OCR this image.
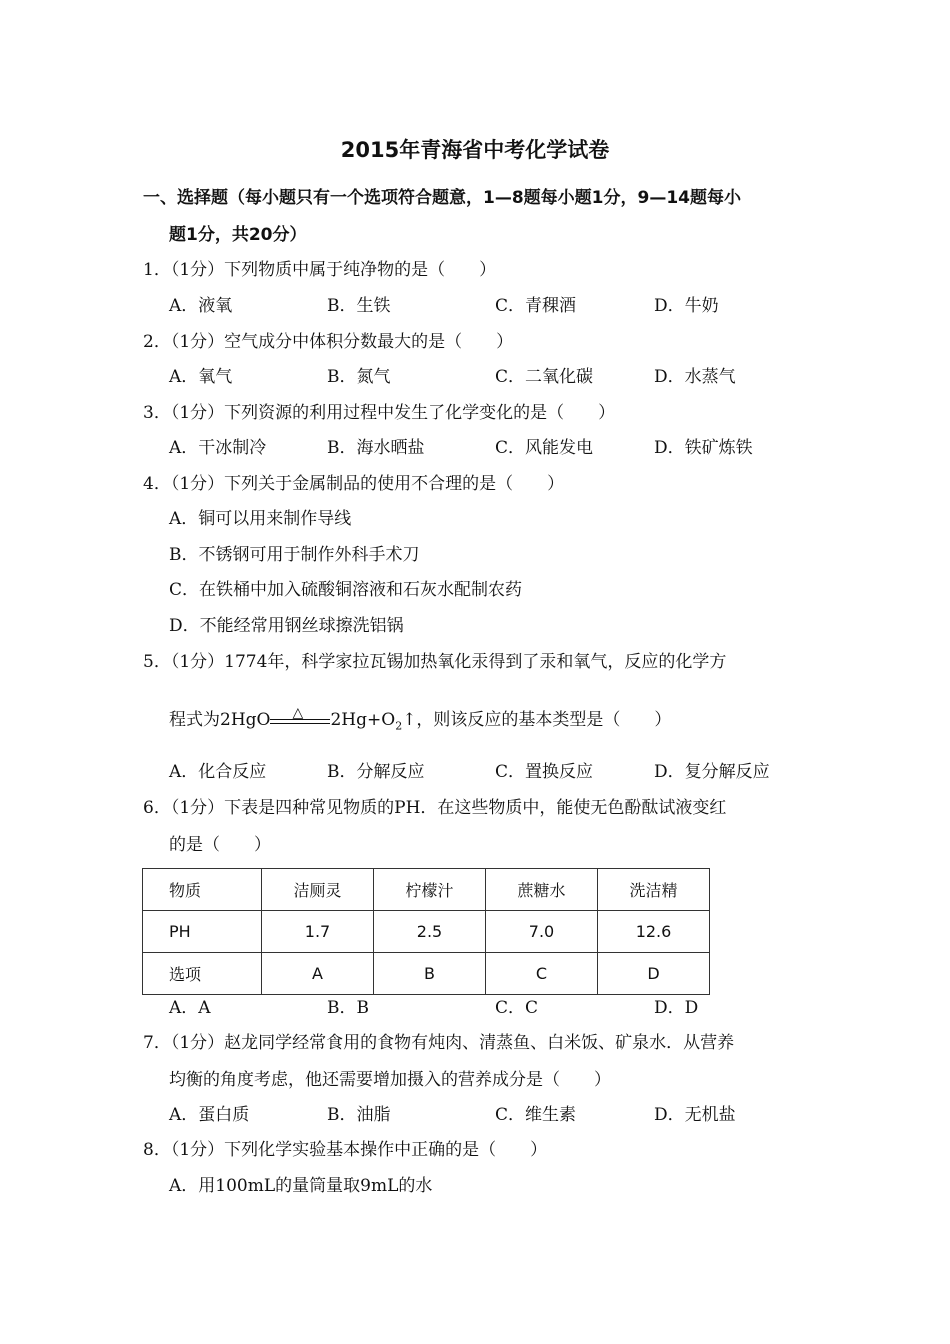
2015年青海省中考化学试卷
一、选择题（每小题只有一个选项符合题意，1—8题每小题1分，9—14题每小
题1分，共20分）
1．（1分）下列物质中属于纯净物的是（　　）
A．液氧	B．生铁	C．青稞酒	D．牛奶
2．（1分）空气成分中体积分数最大的是（　　）
A．氧气	B．氮气	C．二氧化碳	D．水蒸气
3．（1分）下列资源的利用过程中发生了化学变化的是（　　）
A．干冰制冷	B．海水晒盐	C．风能发电	D．铁矿炼铁
4．（1分）下列关于金属制品的使用不合理的是（　　）
A．铜可以用来制作导线
B．不锈钢可用于制作外科手术刀
C．在铁桶中加入硫酸铜溶液和石灰水配制农药
D．不能经常用钢丝球擦洗铝锅
5．（1分）1774年，科学家拉瓦锡加热氧化汞得到了汞和氧气，反应的化学方
程式为2HgO △ $2Hg+O_2↑$，则该反应的基本类型是（　　）
A．化合反应	B．分解反应	C．置换反应	D．复分解反应
6．（1分）下表是四种常见物质的PH．在这些物质中，能使无色酚酞试液变红
的是（　　）
物质	洁厕灵	柠檬汁	蔗糖水	洗洁精
PH	1.7	2.5	7.0	12.6
选项	A	B	C	D
A．A	B．B	C．C	D．D
7．（1分）赵龙同学经常食用的食物有炖肉、清蒸鱼、白米饭、矿泉水．从营养
均衡的角度考虑，他还需要增加摄入的营养成分是（　　）
A．蛋白质	B．油脂	C．维生素	D．无机盐
8．（1分）下列化学实验基本操作中正确的是（　　）
A．用100mL的量筒量取9mL的水
